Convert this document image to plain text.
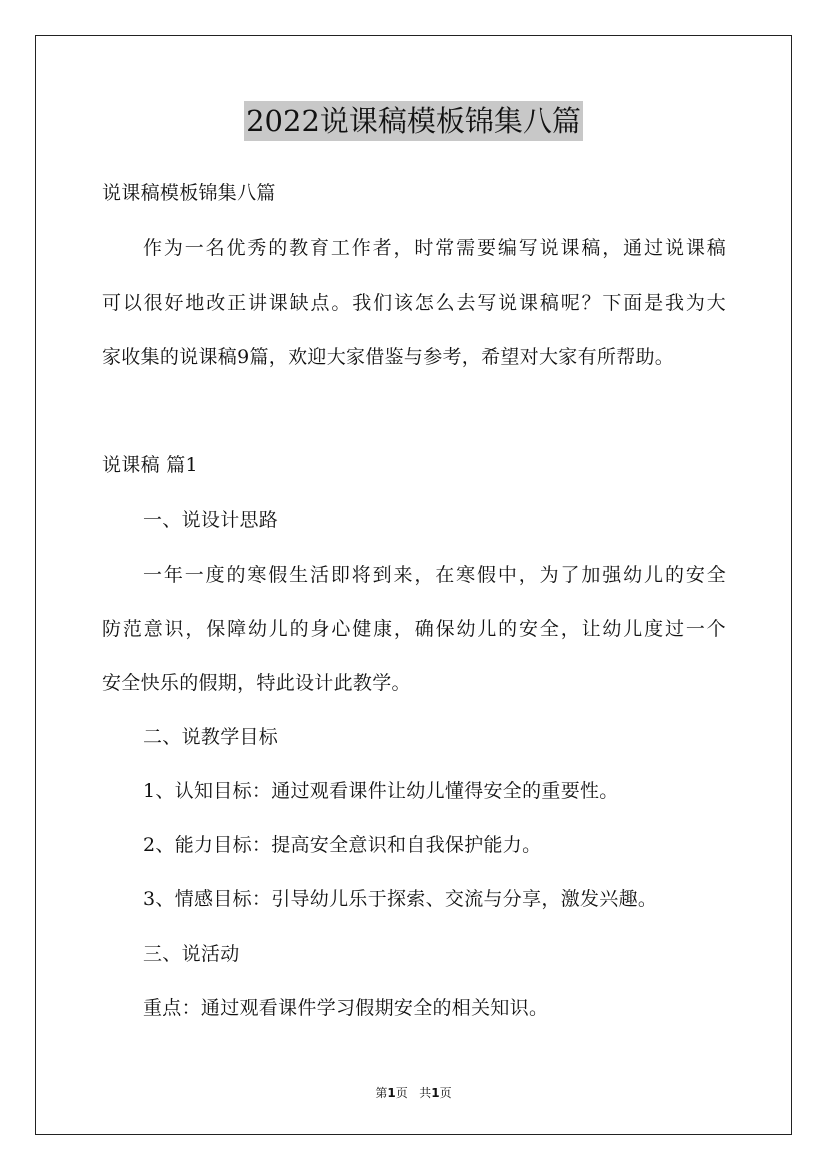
2022说课稿模板锦集八篇
说课稿模板锦集八篇
作为一名优秀的教育工作者，时常需要编写说课稿，通过说课稿
可以很好地改正讲课缺点。我们该怎么去写说课稿呢？下面是我为大
家收集的说课稿9篇，欢迎大家借鉴与参考，希望对大家有所帮助。
说课稿 篇1
一、说设计思路
一年一度的寒假生活即将到来，在寒假中，为了加强幼儿的安全
防范意识，保障幼儿的身心健康，确保幼儿的安全，让幼儿度过一个
安全快乐的假期，特此设计此教学。
二、说教学目标
1、认知目标：通过观看课件让幼儿懂得安全的重要性。
2、能力目标：提高安全意识和自我保护能力。
3、情感目标：引导幼儿乐于探索、交流与分享，激发兴趣。
三、说活动
重点：通过观看课件学习假期安全的相关知识。
第1页   共1页
